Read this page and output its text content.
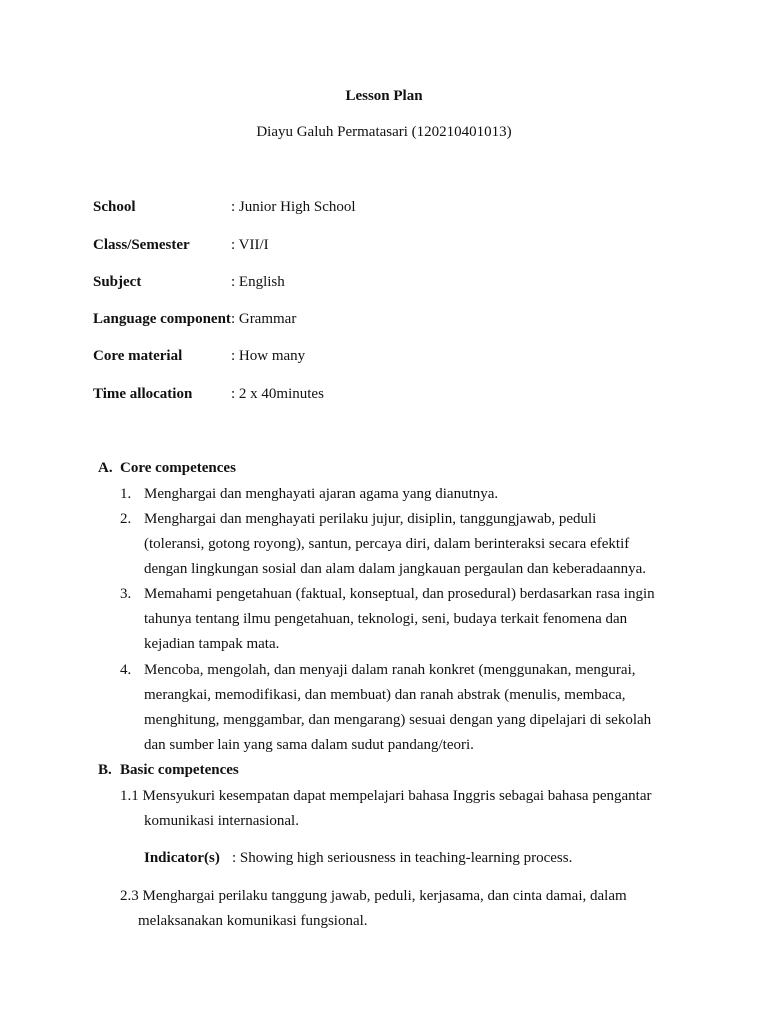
Lesson Plan
Diayu Galuh Permatasari (120210401013)
School	: Junior High School
Class/Semester	: VII/I
Subject	: English
Language component: Grammar
Core material	: How many
Time allocation	: 2 x 40minutes
A. Core competences
1. Menghargai dan menghayati ajaran agama yang dianutnya.
2. Menghargai dan menghayati perilaku jujur, disiplin, tanggungjawab, peduli
(toleransi, gotong royong), santun, percaya diri, dalam berinteraksi secara efektif
dengan lingkungan sosial dan alam dalam jangkauan pergaulan dan keberadaannya.
3. Memahami pengetahuan (faktual, konseptual, dan prosedural) berdasarkan rasa ingin
tahunya tentang ilmu pengetahuan, teknologi, seni, budaya terkait fenomena dan
kejadian tampak mata.
4. Mencoba, mengolah, dan menyaji dalam ranah konkret (menggunakan, mengurai,
merangkai, memodifikasi, dan membuat) dan ranah abstrak (menulis, membaca,
menghitung, menggambar, dan mengarang) sesuai dengan yang dipelajari di sekolah
dan sumber lain yang sama dalam sudut pandang/teori.
B. Basic competences
1.1 Mensyukuri kesempatan dapat mempelajari bahasa Inggris sebagai bahasa pengantar
komunikasi internasional.
Indicator(s) : Showing high seriousness in teaching-learning process.
2.3 Menghargai perilaku tanggung jawab, peduli, kerjasama, dan cinta damai, dalam
melaksanakan komunikasi fungsional.
